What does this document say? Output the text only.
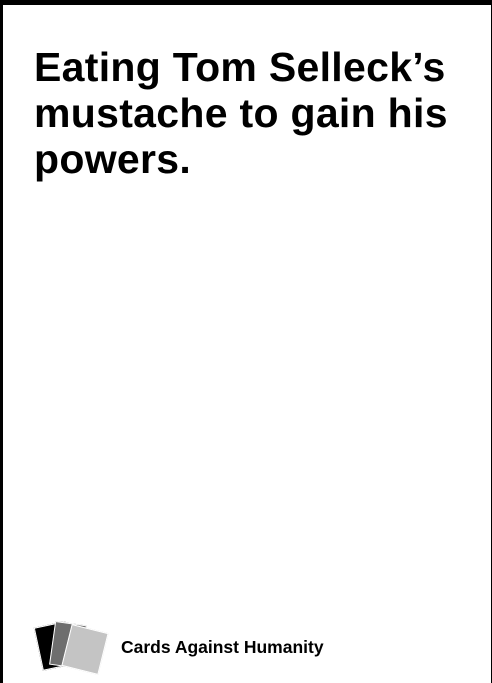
Eating Tom Selleck’s mustache to gain his powers.

Cards Against Humanity
